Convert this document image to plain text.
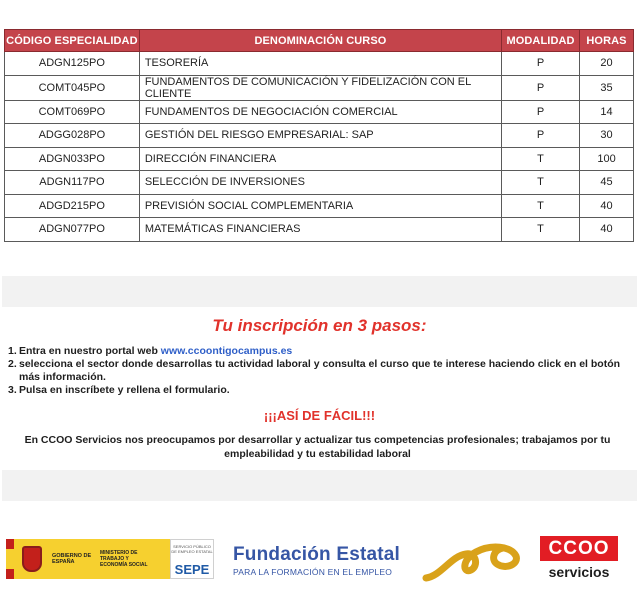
CÓDIGO ESPECIALIDAD	DENOMINACIÓN CURSO	MODALIDAD	HORAS
ADGN125PO	TESORERÍA	P	20
COMT045PO	FUNDAMENTOS DE COMUNICACIÓN Y FIDELIZACIÓN CON EL CLIENTE	P	35
COMT069PO	FUNDAMENTOS DE NEGOCIACIÓN COMERCIAL	P	14
ADGG028PO	GESTIÓN DEL RIESGO EMPRESARIAL: SAP	P	30
ADGN033PO	DIRECCIÓN FINANCIERA	T	100
ADGN117PO	SELECCIÓN DE INVERSIONES	T	45
ADGD215PO	PREVISIÓN SOCIAL COMPLEMENTARIA	T	40
ADGN077PO	MATEMÁTICAS FINANCIERAS	T	40
Tu inscripción en 3 pasos:
1. Entra en nuestro portal web www.ccoontigocampus.es
2. selecciona el sector donde desarrollas tu actividad laboral y consulta el curso que te interese haciendo click en el botón más información.
3. Pulsa en inscríbete y rellena el formulario.
¡¡¡ASÍ DE FÁCIL!!!
En CCOO Servicios nos preocupamos por desarrollar y actualizar tus competencias profesionales; trabajamos por tu empleabilidad y tu estabilidad laboral
GOBIERNO DE ESPAÑA
MINISTERIO DE TRABAJO Y ECONOMÍA SOCIAL
SERVICIO PÚBLICO DE EMPLEO ESTATAL
SEPE
Fundación Estatal
PARA LA FORMACIÓN EN EL EMPLEO
CCOO
servicios
